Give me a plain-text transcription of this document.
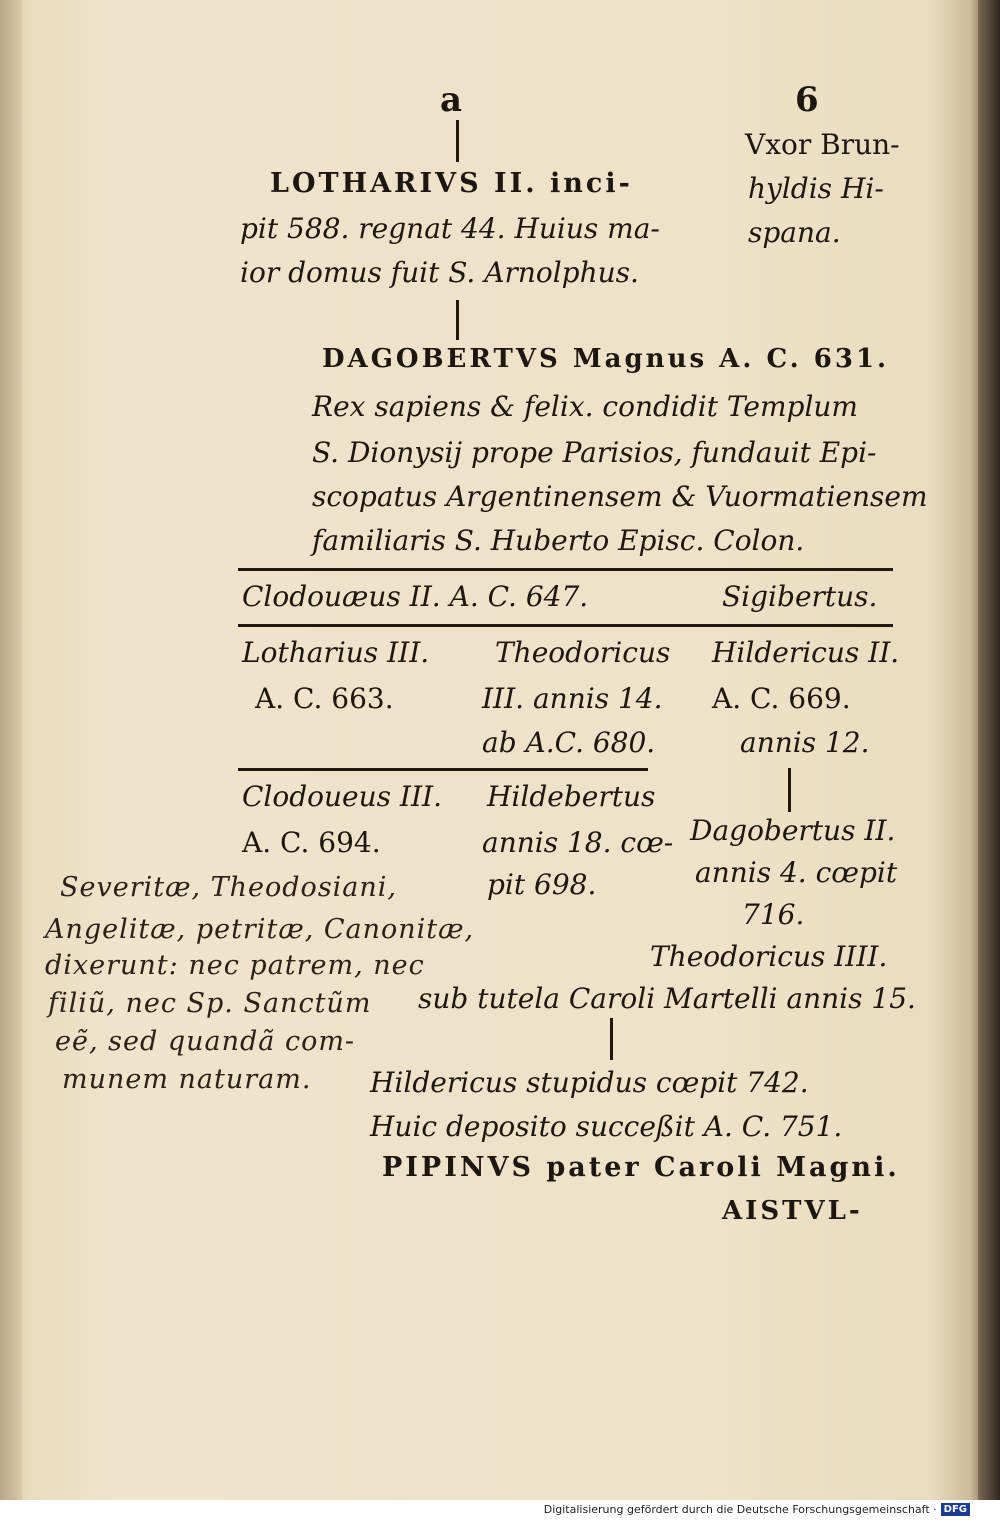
a	6
LOTHARIVS II. inci-
pit 588. regnat 44. Huius ma-
ior domus fuit S. Arnolphus.
Vxor Brun-
hyldis Hi-
spana.
DAGOBERTVS Magnus A. C. 631.
Rex sapiens & felix. condidit Templum
S. Dionysij prope Parisios, fundauit Epi-
scopatus Argentinensem & Vuormatiensem
familiaris S. Huberto Episc. Colon.
Clodouæus II. A. C. 647.	Sigibertus.
Lotharius III.
A. C. 663.
Theodoricus
III. annis 14.
ab A.C. 680.
Hildericus II.
A. C. 669.
annis 12.
Clodoueus III.
A. C. 694.
Hildebertus
annis 18. cœ-
pit 698.
Dagobertus II.
annis 4. cœpit
716.
Theodoricus IIII.
sub tutela Caroli Martelli annis 15.
Hildericus stupidus cœpit 742.
Huic deposito succeßit A. C. 751.
PIPINVS pater Caroli Magni.
AISTVL-
Severitæ, Theodosiani,
Angelitæ, petritæ, Canonitæ,
dixerunt: nec patrem, nec
filiũ, nec Sp. Sanctũm
eẽ, sed quandã com-
munem naturam.
Digitalisierung gefördert durch die Deutsche Forschungsgemeinschaft · DFG
